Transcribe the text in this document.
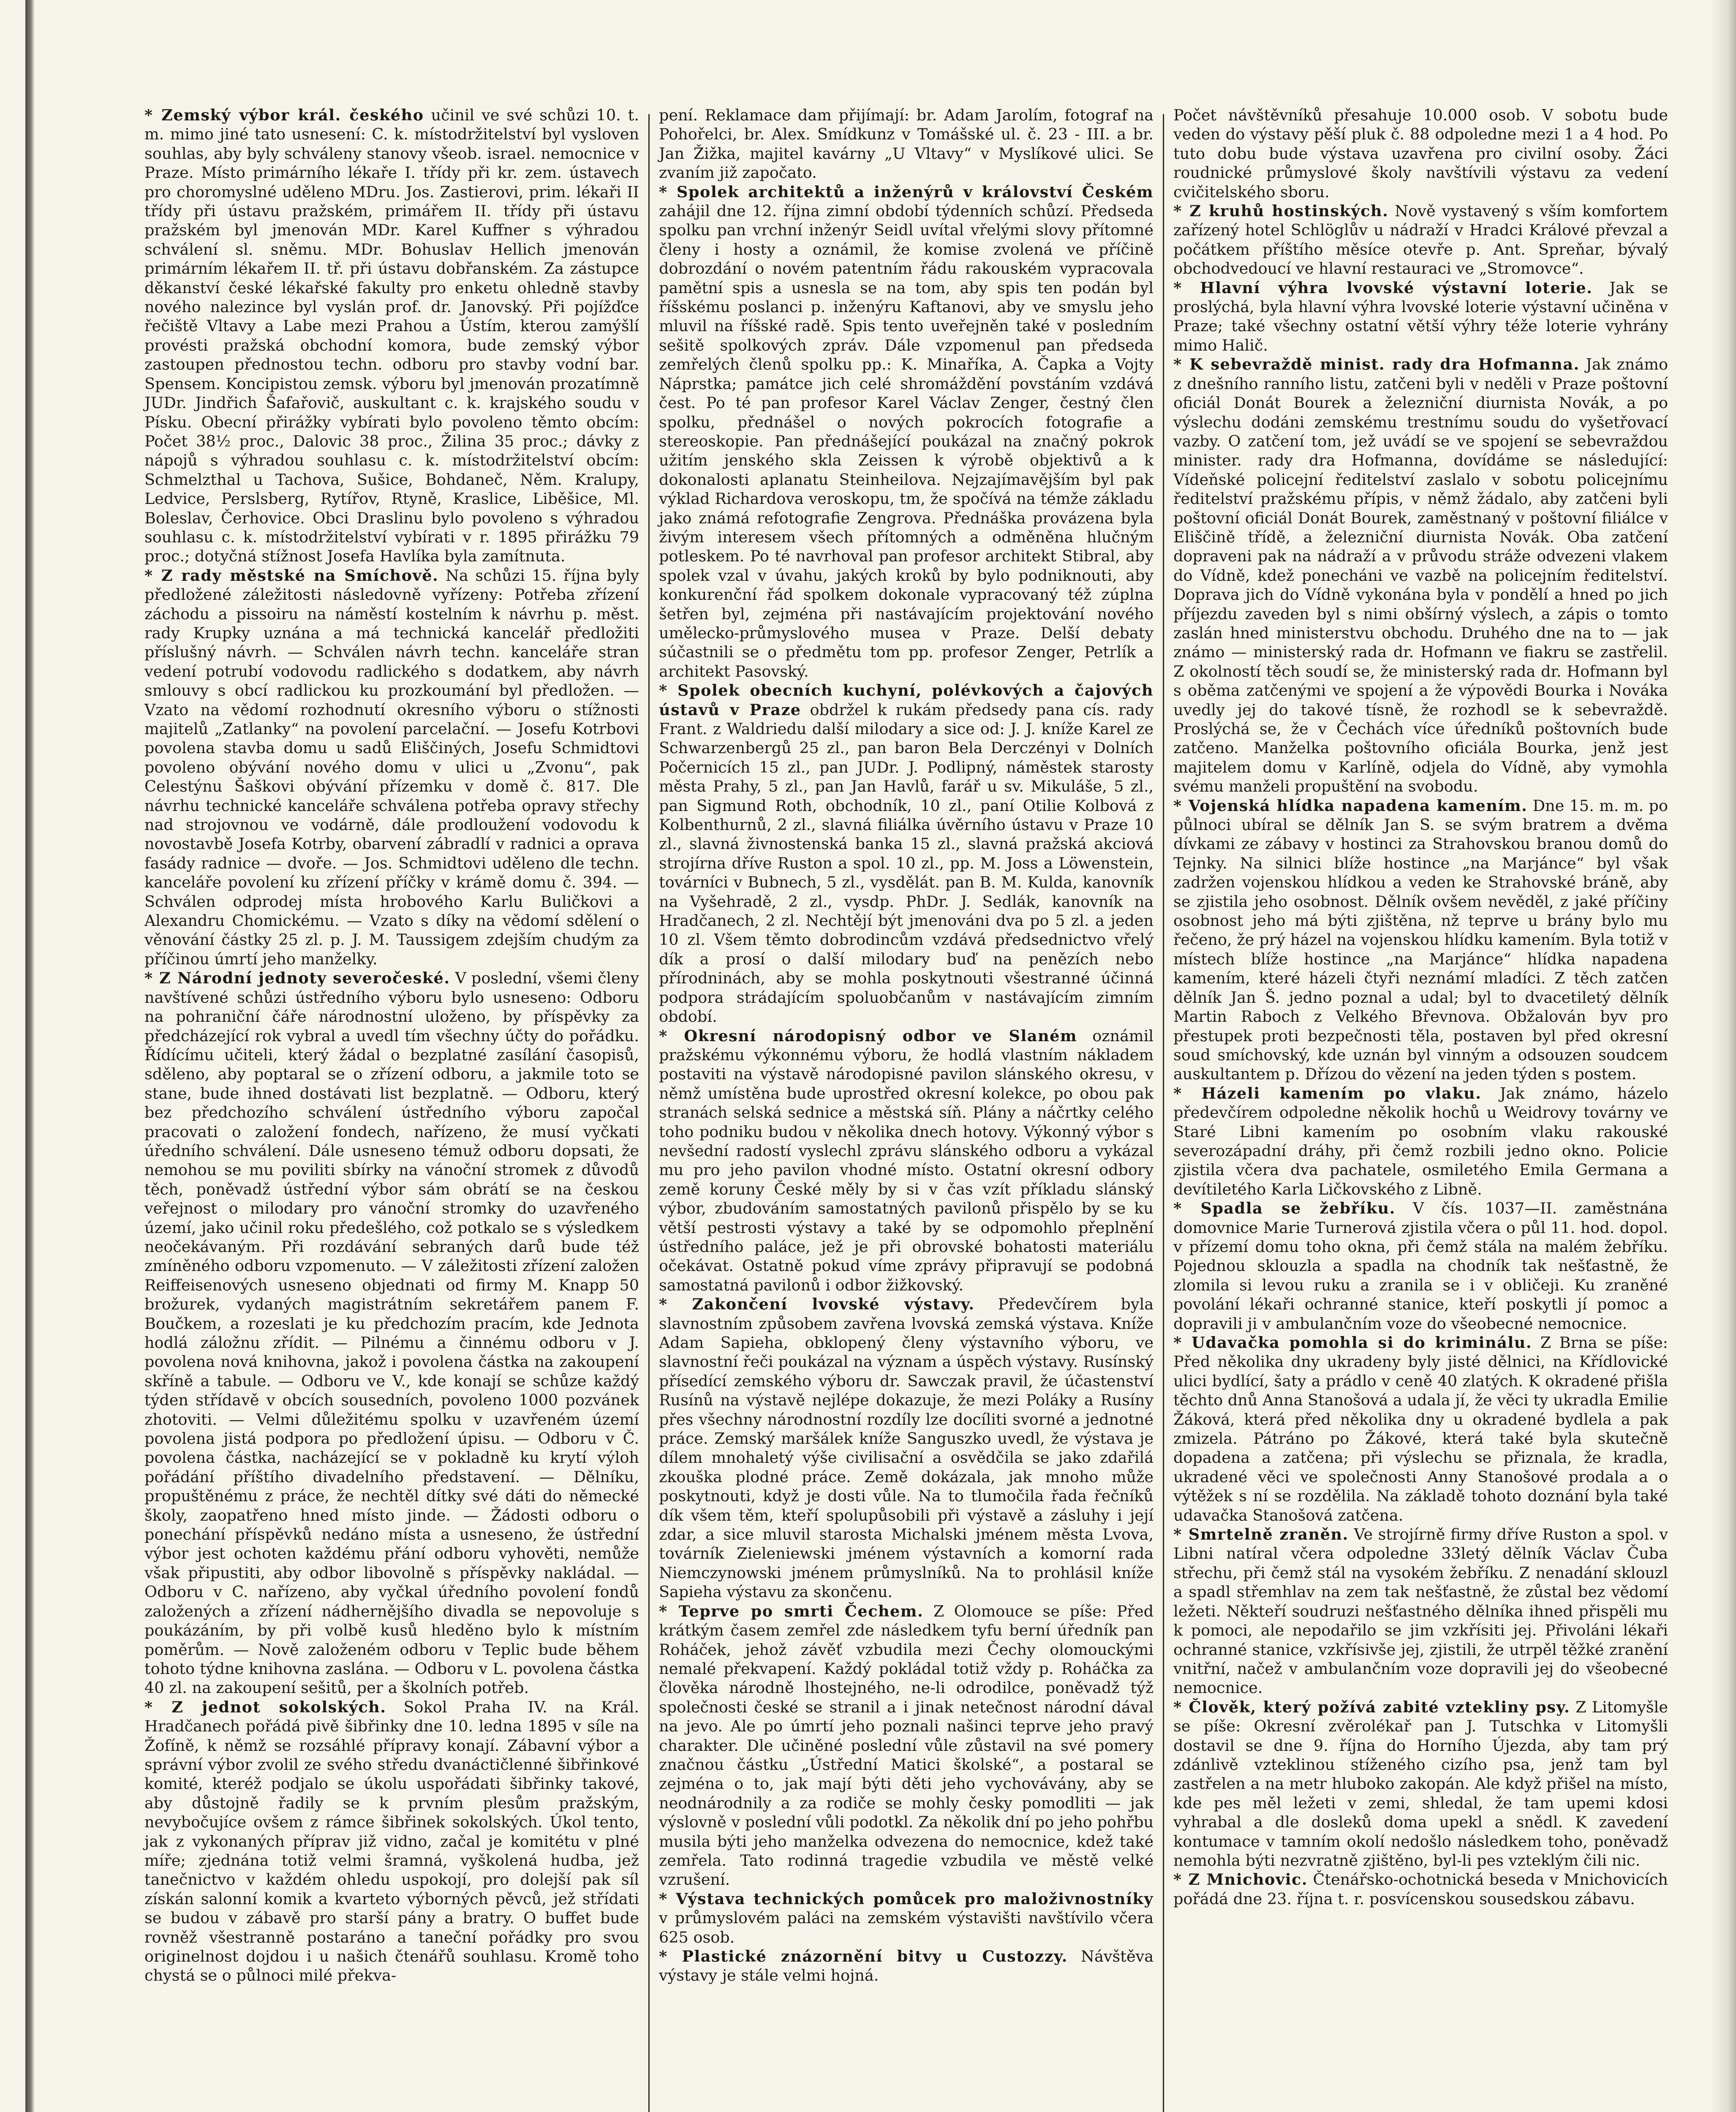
* Zemský výbor král. českého učinil ve své schůzi 10. t. m. mimo jiné tato usnesení: C. k. místodržitelství byl vysloven souhlas, aby byly schváleny stanovy všeob. israel. nemocnice v Praze. Místo primárního lékaře I. třídy při kr. zem. ústavech pro choromyslné uděleno MDru. Jos. Zastierovi, prim. lékaři II třídy při ústavu pražském, primářem II. třídy při ústavu pražském byl jmenován MDr. Karel Kuffner s výhradou schválení sl. sněmu. MDr. Bohuslav Hellich jmenován primárním lékařem II. tř. při ústavu dobřanském. Za zástupce děkanství české lékařské fakulty pro enketu ohledně stavby nového nalezince byl vyslán prof. dr. Janovský. Při pojížďce řečiště Vltavy a Labe mezi Prahou a Ústím, kterou zamýšlí provésti pražská obchodní komora, bude zemský výbor zastoupen přednostou techn. odboru pro stavby vodní bar. Spensem. Koncipistou zemsk. výboru byl jmenován prozatímně JUDr. Jindřich Šafařovič, auskultant c. k. krajského soudu v Písku. Obecní přirážky vybírati bylo povoleno těmto obcím: Počet 38½ proc., Dalovic 38 proc., Žilina 35 proc.; dávky z nápojů s výhradou souhlasu c. k. místodržitelství obcím: Schmelzthal u Tachova, Sušice, Bohdaneč, Něm. Kralupy, Ledvice, Perslsberg, Rytířov, Rtyně, Kraslice, Liběšice, Ml. Boleslav, Čerhovice. Obci Draslinu bylo povoleno s výhradou souhlasu c. k. místodržitelství vybírati v r. 1895 přirážku 79 proc.; dotyčná stížnost Josefa Havlíka byla zamítnuta.

* Z rady městské na Smíchově. Na schůzi 15. října byly předložené záležitosti následovně vyřízeny: Potřeba zřízení záchodu a pissoiru na náměstí kostelním k návrhu p. měst. rady Krupky uznána a má technická kancelář předložiti příslušný návrh. — Schválen návrh techn. kanceláře stran vedení potrubí vodovodu radlického s dodatkem, aby návrh smlouvy s obcí radlickou ku prozkoumání byl předložen. — Vzato na vědomí rozhodnutí okresního výboru o stížnosti majitelů „Zatlanky“ na povolení parcelační. — Josefu Kotrbovi povolena stavba domu u sadů Eliščiných, Josefu Schmidtovi povoleno obývání nového domu v ulici u „Zvonu“, pak Celestýnu Šaškovi obývání přízemku v domě č. 817. Dle návrhu technické kanceláře schválena potřeba opravy střechy nad strojovnou ve vodárně, dále prodloužení vodovodu k novostavbě Josefa Kotrby, obarvení zábradlí v radnici a oprava fasády radnice — dvoře. — Jos. Schmidtovi uděleno dle techn. kanceláře povolení ku zřízení příčky v krámě domu č. 394. — Schválen odprodej místa hrobového Karlu Buličkovi a Alexandru Chomickému. — Vzato s díky na vědomí sdělení o věnování částky 25 zl. p. J. M. Taussigem zdejším chudým za příčinou úmrtí jeho manželky.

* Z Národní jednoty severočeské. V poslední, všemi členy navštívené schůzi ústředního výboru bylo usneseno: Odboru na pohraniční čáře národnostní uloženo, by příspěvky za předcházející rok vybral a uvedl tím všechny účty do pořádku. Řídícímu učiteli, který žádal o bezplatné zasílání časopisů, sděleno, aby poptaral se o zřízení odboru, a jakmile toto se stane, bude ihned dostávati list bezplatně. — Odboru, který bez předchozího schválení ústředního výboru započal pracovati o založení fondech, nařízeno, že musí vyčkati úředního schválení. Dále usneseno témuž odboru dopsati, že nemohou se mu poviliti sbírky na vánoční stromek z důvodů těch, poněvadž ústřední výbor sám obrátí se na českou veřejnost o milodary pro vánoční stromky do uzavřeného území, jako učinil roku předešlého, což potkalo se s výsledkem neočekávaným. Při rozdávání sebraných darů bude též zmíněného odboru vzpomenuto. — V záležitosti zřízení založen Reiffeisenových usneseno objednati od firmy M. Knapp 50 brožurek, vydaných magistrátním sekretářem panem F. Boučkem, a rozeslati je ku předchozím pracím, kde Jednota hodlá záložnu zřídit. — Pilnému a činnému odboru v J. povolena nová knihovna, jakož i povolena částka na zakoupení skříně a tabule. — Odboru ve V., kde konají se schůze každý týden střídavě v obcích sousedních, povoleno 1000 pozvánek zhotoviti. — Velmi důležitému spolku v uzavřeném území povolena jistá podpora po předložení úpisu. — Odboru v Č. povolena částka, nacházející se v pokladně ku krytí výloh pořádání příštího divadelního představení. — Dělníku, propuštěnému z práce, že nechtěl dítky své dáti do německé školy, zaopatřeno hned místo jinde. — Žádosti odboru o ponechání příspěvků nedáno místa a usneseno, že ústřední výbor jest ochoten každému přání odboru vyhověti, nemůže však připustiti, aby odbor libovolně s příspěvky nakládal. — Odboru v C. nařízeno, aby vyčkal úředního povolení fondů založených a zřízení nádhernějšího divadla se nepovoluje s poukázáním, by při volbě kusů hleděno bylo k místním poměrům. — Nově založeném odboru v Teplic bude během tohoto týdne knihovna zaslána. — Odboru v L. povolena částka 40 zl. na zakoupení sešitů, per a školních potřeb.

* Z jednot sokolských. Sokol Praha IV. na Král. Hradčanech pořádá pivě šibřinky dne 10. ledna 1895 v síle na Žofíně, k němž se rozsáhlé přípravy konají. Zábavní výbor a správní výbor zvolil ze svého středu dvanáctičlenné šibřinkové komité, kteréž podjalo se úkolu uspořádati šibřinky takové, aby důstojně řadily se k prvním plesům pražským, nevybočujíce ovšem z rámce šibřinek sokolských. Úkol tento, jak z vykonaných příprav již vidno, začal je komitétu v plné míře; zjednána totiž velmi šramná, vyškolená hudba, jež tanečnictvo v každém ohledu uspokojí, pro dolejší pak síl získán salonní komik a kvarteto výborných pěvců, jež střídati se budou v zábavě pro starší pány a bratry. O buffet bude rovněž všestranně postaráno a taneční pořádky pro svou originelnost dojdou i u našich čtenářů souhlasu. Kromě toho chystá se o půlnoci milé překva-

pení. Reklamace dam přijímají: br. Adam Jarolím, fotograf na Pohořelci, br. Alex. Smídkunz v Tomášské ul. č. 23 - III. a br. Jan Žižka, majitel kavárny „U Vltavy“ v Myslíkové ulici. Se zvaním již započato.

* Spolek architektů a inženýrů v království Českém zahájil dne 12. října zimní období týdenních schůzí. Předseda spolku pan vrchní inženýr Seidl uvítal vřelými slovy přítomné členy i hosty a oznámil, že komise zvolená ve příčině dobrozdání o novém patentním řádu rakouském vypracovala pamětní spis a usnesla se na tom, aby spis ten podán byl říšskému poslanci p. inženýru Kaftanovi, aby ve smyslu jeho mluvil na říšské radě. Spis tento uveřejněn také v posledním sešitě spolkových zpráv. Dále vzpomenul pan předseda zemřelých členů spolku pp.: K. Minaříka, A. Čapka a Vojty Náprstka; památce jich celé shromáždění povstáním vzdává čest. Po té pan profesor Karel Václav Zenger, čestný člen spolku, přednášel o nových pokrocích fotografie a stereoskopie. Pan přednášející poukázal na značný pokrok užitím jenského skla Zeissen k výrobě objektivů a k dokonalosti aplanatu Steinheilova. Nejzajímavějším byl pak výklad Richardova veroskopu, tm, že spočívá na témže základu jako známá refotografie Zengrova. Přednáška provázena byla živým interesem všech přítomných a odměněna hlučným potleskem. Po té navrhoval pan profesor architekt Stibral, aby spolek vzal v úvahu, jakých kroků by bylo podniknouti, aby konkurenční řád spolkem dokonale vypracovaný též zúplna šetřen byl, zejména při nastávajícím projektování nového umělecko-průmyslového musea v Praze. Delší debaty súčastnili se o předmětu tom pp. profesor Zenger, Petrlík a architekt Pasovský.

* Spolek obecních kuchyní, polévkových a čajových ústavů v Praze obdržel k rukám předsedy pana cís. rady Frant. z Waldriedu další milodary a sice od: J. J. kníže Karel ze Schwarzenbergů 25 zl., pan baron Bela Derczényi v Dolních Počernicích 15 zl., pan JUDr. J. Podlipný, náměstek starosty města Prahy, 5 zl., pan Jan Havlů, farář u sv. Mikuláše, 5 zl., pan Sigmund Roth, obchodník, 10 zl., paní Otilie Kolbová z Kolbenthurnů, 2 zl., slavná filiálka úvěrního ústavu v Praze 10 zl., slavná živnostenská banka 15 zl., slavná pražská akciová strojírna dříve Ruston a spol. 10 zl., pp. M. Joss a Löwenstein, továrníci v Bubnech, 5 zl., vysdělát. pan B. M. Kulda, kanovník na Vyšehradě, 2 zl., vysdp. PhDr. J. Sedlák, kanovník na Hradčanech, 2 zl. Nechtějí být jmenováni dva po 5 zl. a jeden 10 zl. Všem těmto dobrodincům vzdává předsednictvo vřelý dík a prosí o další milodary buď na penězích nebo přírodninách, aby se mohla poskytnouti všestranné účinná podpora strádajícím spoluobčanům v nastávajícím zimním období.

* Okresní národopisný odbor ve Slaném oznámil pražskému výkonnému výboru, že hodlá vlastním nákladem postaviti na výstavě národopisné pavilon slánského okresu, v němž umístěna bude uprostřed okresní kolekce, po obou pak stranách selská sednice a městská síň. Plány a náčrtky celého toho podniku budou v několika dnech hotovy. Výkonný výbor s nevšední radostí vyslechl zprávu slánského odboru a vykázal mu pro jeho pavilon vhodné místo. Ostatní okresní odbory země koruny České měly by si v čas vzít příkladu slánský výbor, zbudováním samostatných pavilonů přispělo by se ku větší pestrosti výstavy a také by se odpomohlo přeplnění ústředního paláce, jež je při obrovské bohatosti materiálu očekávat. Ostatně pokud víme zprávy připravují se podobná samostatná pavilonů i odbor žižkovský.

* Zakončení lvovské výstavy. Předevčírem byla slavnostním způsobem zavřena lvovská zemská výstava. Kníže Adam Sapieha, obklopený členy výstavního výboru, ve slavnostní řeči poukázal na význam a úspěch výstavy. Rusínský přísedící zemského výboru dr. Sawczak pravil, že účastenství Rusínů na výstavě nejlépe dokazuje, že mezi Poláky a Rusíny přes všechny národnostní rozdíly lze docíliti svorné a jednotné práce. Zemský maršálek kníže Sanguszko uvedl, že výstava je dílem mnohaletý výše civilisační a osvědčila se jako zdařilá zkouška plodné práce. Země dokázala, jak mnoho může poskytnouti, když je dosti vůle. Na to tlumočila řada řečníků dík všem těm, kteří spolupůsobili při výstavě a zásluhy i její zdar, a sice mluvil starosta Michalski jménem města Lvova, továrník Zieleniewski jménem výstavních a komorní rada Niemczynowski jménem průmyslníků. Na to prohlásil kníže Sapieha výstavu za skončenu.

* Teprve po smrti Čechem. Z Olomouce se píše: Před krátkým časem zemřel zde následkem tyfu berní úředník pan Roháček, jehož závěť vzbudila mezi Čechy olomouckými nemalé překvapení. Každý pokládal totiž vždy p. Roháčka za člověka národně lhostejného, ne-li odrodilce, poněvadž týž společnosti české se stranil a i jinak netečnost národní dával na jevo. Ale po úmrtí jeho poznali našinci teprve jeho pravý charakter. Dle učiněné poslední vůle zůstavil na své pomery značnou částku „Ústřední Matici školské“, a postaral se zejména o to, jak mají býti děti jeho vychovávány, aby se neodnárodnily a za rodiče se mohly česky pomodliti — jak výslovně v poslední vůli podotkl. Za několik dní po jeho pohřbu musila býti jeho manželka odvezena do nemocnice, kdež také zemřela. Tato rodinná tragedie vzbudila ve městě velké vzrušení.

* Výstava technických pomůcek pro maloživnostníky v průmyslovém paláci na zemském výstavišti navštívilo včera 625 osob.

* Plastické znázornění bitvy u Custozzy. Návštěva výstavy je stále velmi hojná.

Počet návštěvníků přesahuje 10.000 osob. V sobotu bude veden do výstavy pěší pluk č. 88 odpoledne mezi 1 a 4 hod. Po tuto dobu bude výstava uzavřena pro civilní osoby. Žáci roudnické průmyslové školy navštívili výstavu za vedení cvičitelského sboru.

* Z kruhů hostinských. Nově vystavený s vším komfortem zařízený hotel Schlöglův u nádraží v Hradci Králové převzal a počátkem příštího měsíce otevře p. Ant. Spreňar, bývalý obchodvedoucí ve hlavní restauraci ve „Stromovce“.

* Hlavní výhra lvovské výstavní loterie. Jak se proslýchá, byla hlavní výhra lvovské loterie výstavní učiněna v Praze; také všechny ostatní větší výhry téže loterie vyhrány mimo Halič.

* K sebevraždě minist. rady dra Hofmanna. Jak známo z dnešního ranního listu, zatčeni byli v neděli v Praze poštovní oficiál Donát Bourek a železniční diurnista Novák, a po výslechu dodáni zemskému trestnímu soudu do vyšetřovací vazby. O zatčení tom, jež uvádí se ve spojení se sebevraždou minister. rady dra Hofmanna, dovídáme se následující: Vídeňské policejní ředitelství zaslalo v sobotu policejnímu ředitelství pražskému přípis, v němž žádalo, aby zatčeni byli poštovní oficiál Donát Bourek, zaměstnaný v poštovní filiálce v Eliščině třídě, a železniční diurnista Novák. Oba zatčení dopraveni pak na nádraží a v průvodu stráže odvezeni vlakem do Vídně, kdež ponecháni ve vazbě na policejním ředitelství. Doprava jich do Vídně vykonána byla v pondělí a hned po jich příjezdu zaveden byl s nimi obšírný výslech, a zápis o tomto zaslán hned ministerstvu obchodu. Druhého dne na to — jak známo — ministerský rada dr. Hofmann ve fiakru se zastřelil. Z okolností těch soudí se, že ministerský rada dr. Hofmann byl s oběma zatčenými ve spojení a že výpovědi Bourka i Nováka uvedly jej do takové tísně, že rozhodl se k sebevraždě. Proslýchá se, že v Čechách více úředníků poštovních bude zatčeno. Manželka poštovního oficiála Bourka, jenž jest majitelem domu v Karlíně, odjela do Vídně, aby vymohla svému manželi propuštění na svobodu.

* Vojenská hlídka napadena kamením. Dne 15. m. m. po půlnoci ubíral se dělník Jan S. se svým bratrem a dvěma dívkami ze zábavy v hostinci za Strahovskou branou domů do Tejnky. Na silnici blíže hostince „na Marjánce“ byl však zadržen vojenskou hlídkou a veden ke Strahovské bráně, aby se zjistila jeho osobnost. Dělník ovšem nevěděl, z jaké příčiny osobnost jeho má býti zjištěna, nž teprve u brány bylo mu řečeno, že prý házel na vojenskou hlídku kamením. Byla totiž v místech blíže hostince „na Marjánce“ hlídka napadena kamením, které házeli čtyři neznámí mladíci. Z těch zatčen dělník Jan Š. jedno poznal a udal; byl to dvacetiletý dělník Martin Raboch z Velkého Břevnova. Obžalován byv pro přestupek proti bezpečnosti těla, postaven byl před okresní soud smíchovský, kde uznán byl vinným a odsouzen soudcem auskultantem p. Dřízou do vězení na jeden týden s postem.

* Házeli kamením po vlaku. Jak známo, házelo předevčírem odpoledne několik hochů u Weidrovy továrny ve Staré Libni kamením po osobním vlaku rakouské severozápadní dráhy, při čemž rozbili jedno okno. Policie zjistila včera dva pachatele, osmiletého Emila Germana a devítiletého Karla Ličkovského z Libně.

* Spadla se žebříku. V čís. 1037—II. zaměstnána domovnice Marie Turnerová zjistila včera o půl 11. hod. dopol. v přízemí domu toho okna, při čemž stála na malém žebříku. Pojednou sklouzla a spadla na chodník tak nešťastně, že zlomila si levou ruku a zranila se i v obličeji. Ku zraněné povolání lékaři ochranné stanice, kteří poskytli jí pomoc a dopravili ji v ambulančním voze do všeobecné nemocnice.

* Udavačka pomohla si do kriminálu. Z Brna se píše: Před několika dny ukradeny byly jisté dělnici, na Křídlovické ulici bydlící, šaty a prádlo v ceně 40 zlatých. K okradené přišla těchto dnů Anna Stanošová a udala jí, že věci ty ukradla Emilie Žáková, která před několika dny u okradené bydlela a pak zmizela. Pátráno po Žákové, která také byla skutečně dopadena a zatčena; při výslechu se přiznala, že kradla, ukradené věci ve společnosti Anny Stanošové prodala a o výtěžek s ní se rozdělila. Na základě tohoto doznání byla také udavačka Stanošová zatčena.

* Smrtelně zraněn. Ve strojírně firmy dříve Ruston a spol. v Libni natíral včera odpoledne 33letý dělník Václav Čuba střechu, při čemž stál na vysokém žebříku. Z nenadání sklouzl a spadl střemhlav na zem tak nešťastně, že zůstal bez vědomí ležeti. Někteří soudruzi nešťastného dělníka ihned přispěli mu k pomoci, ale nepodařilo se jim vzkřísiti jej. Přivoláni lékaři ochranné stanice, vzkřísivše jej, zjistili, že utrpěl těžké zranění vnitřní, načež v ambulančním voze dopravili jej do všeobecné nemocnice.

* Člověk, který požívá zabité vztekliny psy. Z Litomyšle se píše: Okresní zvěrolékař pan J. Tutschka v Litomyšli dostavil se dne 9. října do Horního Újezda, aby tam prý zdánlivě vzteklinou stíženého cizího psa, jenž tam byl zastřelen a na metr hluboko zakopán. Ale když přišel na místo, kde pes měl ležeti v zemi, shledal, že tam upemi kdosi vyhrabal a dle dosleků doma upekl a snědl. K zavedení kontumace v tamním okolí nedošlo následkem toho, poněvadž nemohla býti nezvratně zjištěno, byl-li pes vzteklým čili nic.

* Z Mnichovic. Čtenářsko-ochotnická beseda v Mnichovicích pořádá dne 23. října t. r. posvícenskou sousedskou zábavu.
